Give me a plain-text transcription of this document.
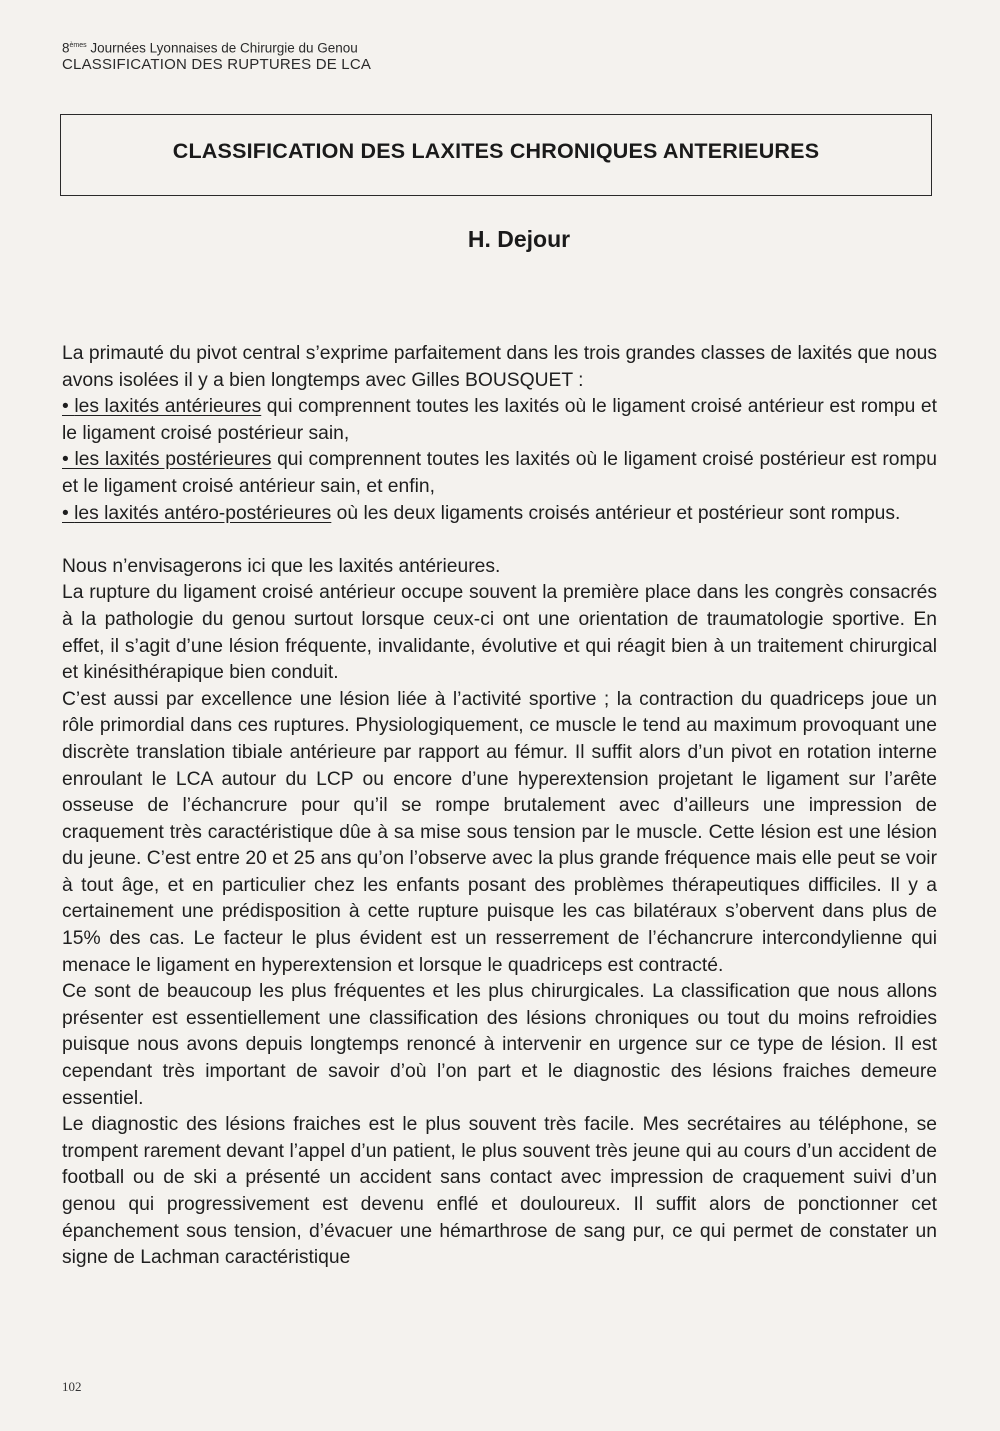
8èmes Journées Lyonnaises de Chirurgie du Genou
CLASSIFICATION DES RUPTURES DE LCA
CLASSIFICATION DES LAXITES CHRONIQUES ANTERIEURES
H. Dejour

La primauté du pivot central s’exprime parfaitement dans les trois grandes classes de laxités que nous avons isolées il y a bien longtemps avec Gilles BOUSQUET :

• les laxités antérieures qui comprennent toutes les laxités où le ligament croisé antérieur est rompu et le ligament croisé postérieur sain,

• les laxités postérieures qui comprennent toutes les laxités où le ligament croisé postérieur est rompu et le ligament croisé antérieur sain, et enfin,

• les laxités antéro-postérieures où les deux ligaments croisés antérieur et postérieur sont rompus.

Nous n’envisagerons ici que les laxités antérieures.

La rupture du ligament croisé antérieur occupe souvent la première place dans les congrès consacrés à la pathologie du genou surtout lorsque ceux-ci ont une orientation de traumatologie sportive. En effet, il s’agit d’une lésion fréquente, invalidante, évolutive et qui réagit bien à un traitement chirurgical et kinésithérapique bien conduit.

C’est aussi par excellence une lésion liée à l’activité sportive ; la contraction du quadriceps joue un rôle primordial dans ces ruptures. Physiologiquement, ce muscle le tend au maximum provoquant une discrète translation tibiale antérieure par rapport au fémur. Il suffit alors d’un pivot en rotation interne enroulant le LCA autour du LCP ou encore d’une hyperextension projetant le ligament sur l’arête osseuse de l’échancrure pour qu’il se rompe brutalement avec d’ailleurs une impression de craquement très caractéristique dûe à sa mise sous tension par le muscle. Cette lésion est une lésion du jeune. C’est entre 20 et 25 ans qu’on l’observe avec la plus grande fréquence mais elle peut se voir à tout âge, et en particulier chez les enfants posant des problèmes thérapeutiques difficiles. Il y a certainement une prédisposition à cette rupture puisque les cas bilatéraux s’obervent dans plus de 15% des cas. Le facteur le plus évident est un resserrement de l’échancrure intercondylienne qui menace le ligament en hyperextension et lorsque le quadriceps est contracté.

Ce sont de beaucoup les plus fréquentes et les plus chirurgicales. La classification que nous allons présenter est essentiellement une classification des lésions chroniques ou tout du moins refroidies puisque nous avons depuis longtemps renoncé à intervenir en urgence sur ce type de lésion. Il est cependant très important de savoir d’où l’on part et le diagnostic des lésions fraiches demeure essentiel.

Le diagnostic des lésions fraiches est le plus souvent très facile. Mes secrétaires au téléphone, se trompent rarement devant l’appel d’un patient, le plus souvent très jeune qui au cours d’un accident de football ou de ski a présenté un accident sans contact avec impression de craquement suivi d’un genou qui progressivement est devenu enflé et douloureux. Il suffit alors de ponctionner cet épanchement sous tension, d’évacuer une hémarthrose de sang pur, ce qui permet de constater un signe de Lachman caractéristique

102
